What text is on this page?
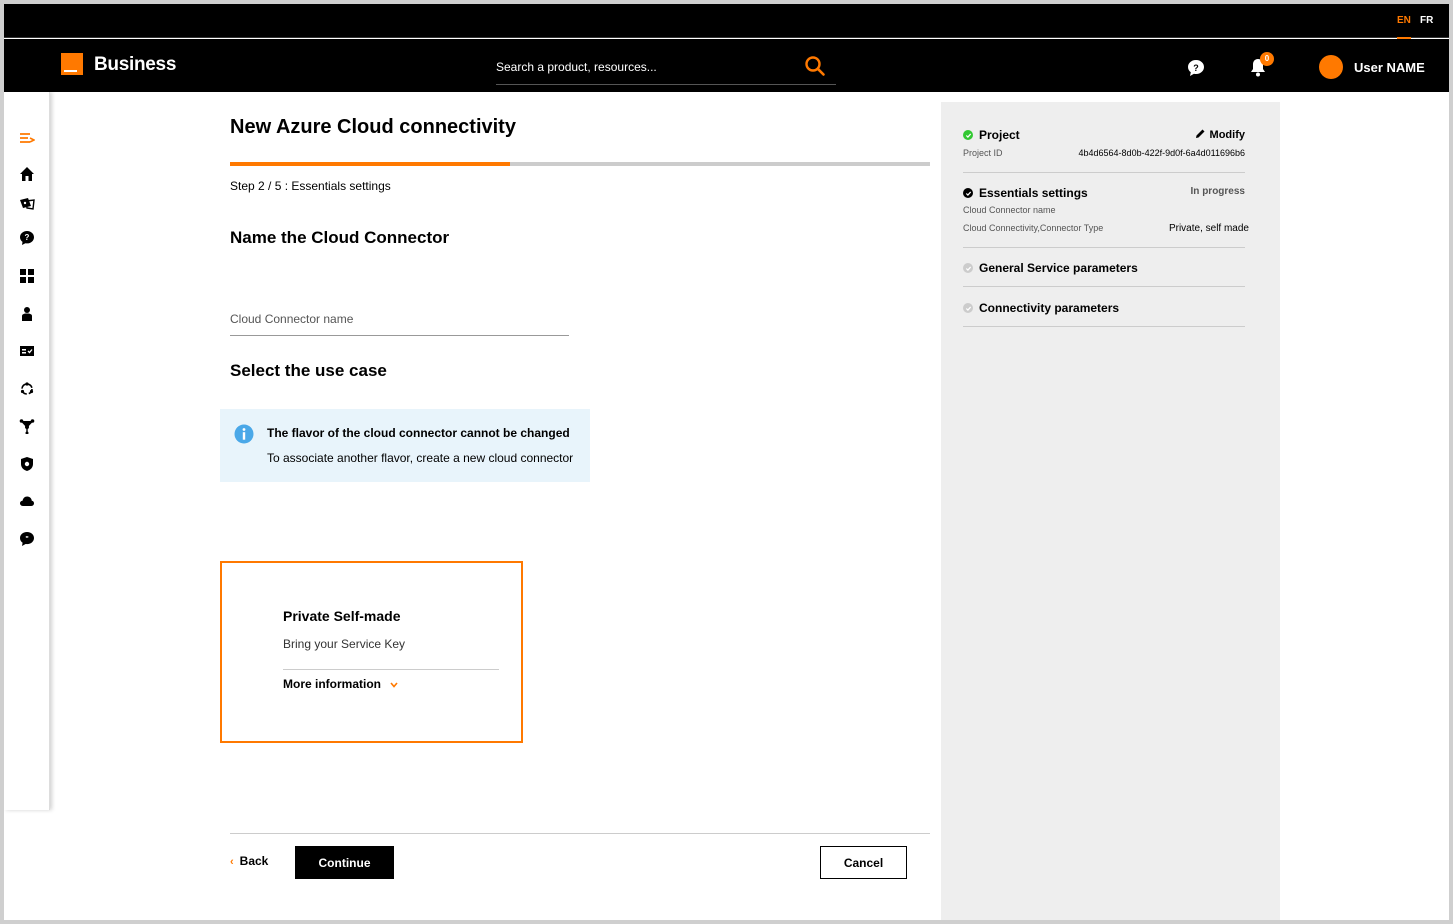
EN FR
Business
Search a product, resources...	?
0
User NAME
?
"
New Azure Cloud connectivity
Step 2 / 5 : Essentials settings
Name the Cloud Connector
Cloud Connector name
Select the use case
The flavor of the cloud connector cannot be changed
To associate another flavor, create a new cloud connector
Private Self-made
Bring your Service Key
More information
‹ Back	Continue	Cancel
Project	Modify
Project ID	4b4d6564-8d0b-422f-9d0f-6a4d011696b6
Essentials settings	In progress
Cloud Connector name
Cloud Connectivity,Connector Type	Private, self made
General Service parameters
Connectivity parameters
